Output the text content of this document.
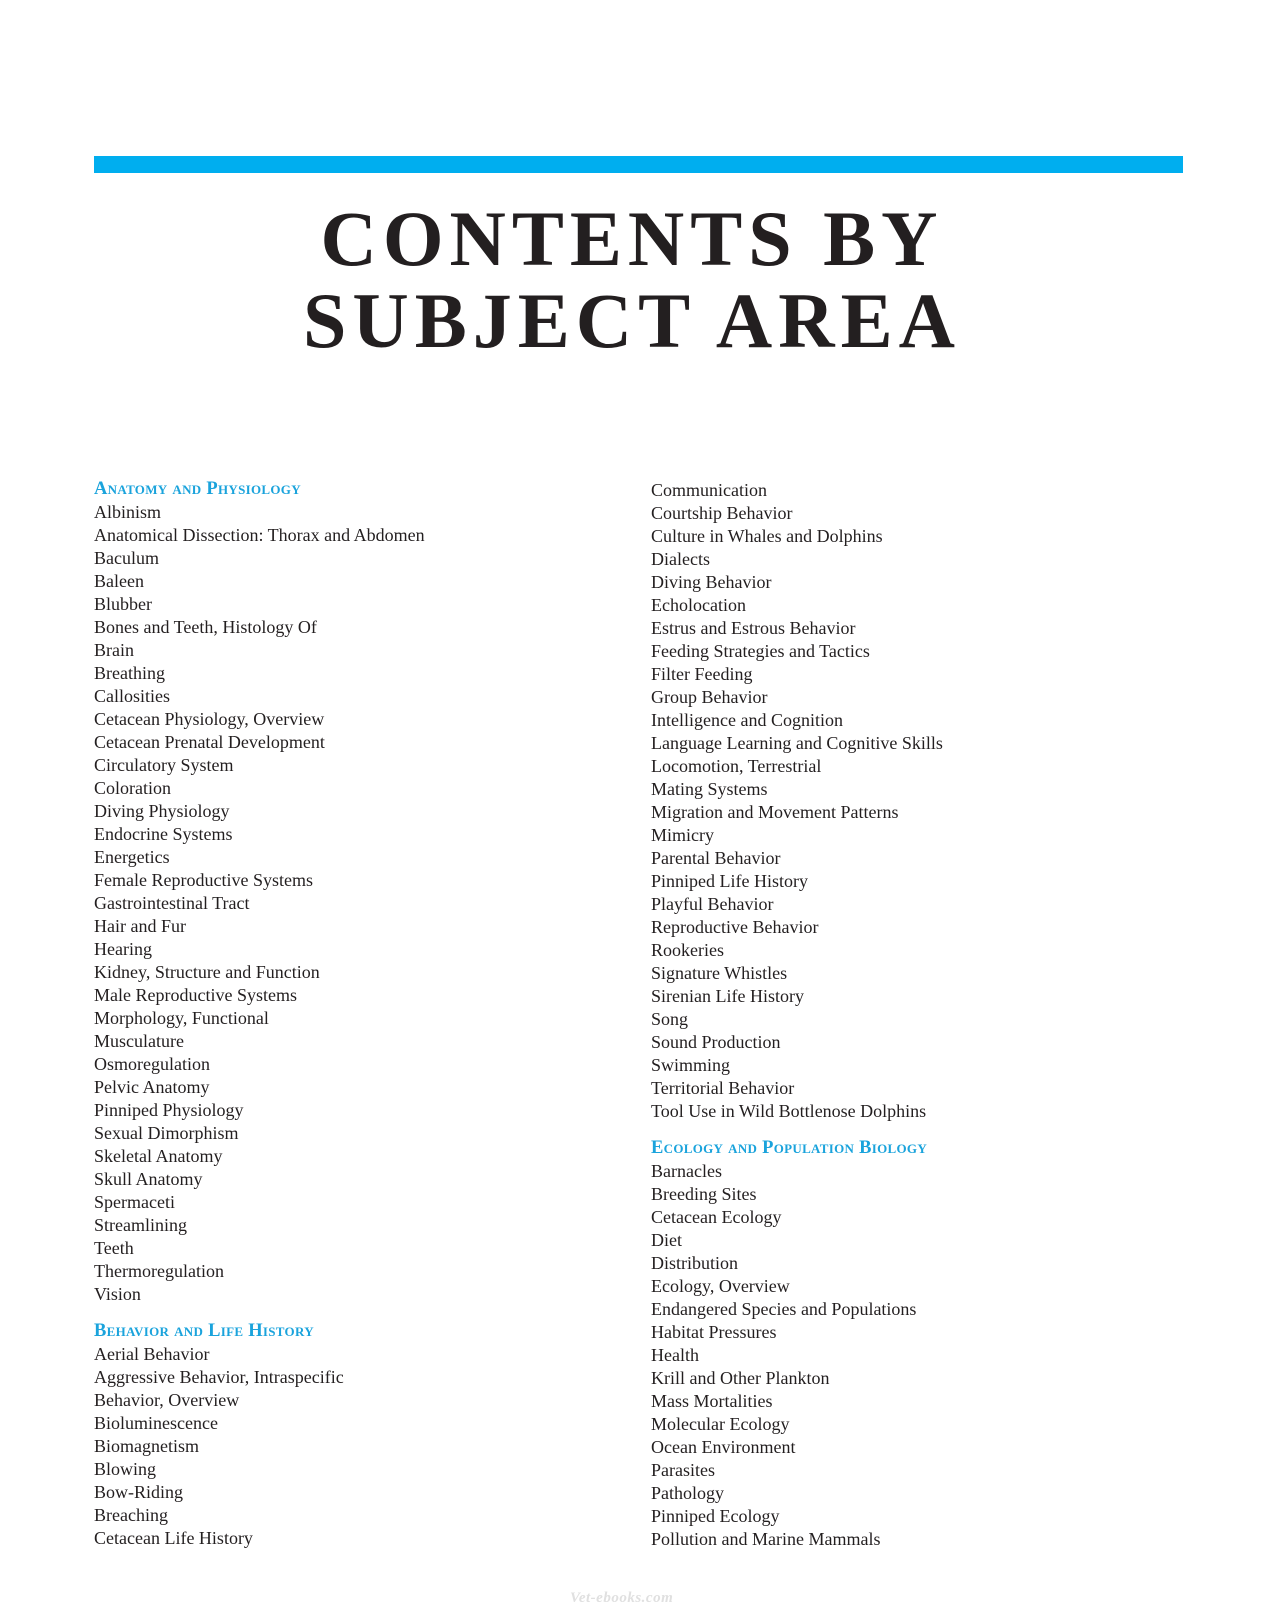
CONTENTS BY
SUBJECT AREA
Anatomy and Physiology
Albinism
Anatomical Dissection: Thorax and Abdomen
Baculum
Baleen
Blubber
Bones and Teeth, Histology Of
Brain
Breathing
Callosities
Cetacean Physiology, Overview
Cetacean Prenatal Development
Circulatory System
Coloration
Diving Physiology
Endocrine Systems
Energetics
Female Reproductive Systems
Gastrointestinal Tract
Hair and Fur
Hearing
Kidney, Structure and Function
Male Reproductive Systems
Morphology, Functional
Musculature
Osmoregulation
Pelvic Anatomy
Pinniped Physiology
Sexual Dimorphism
Skeletal Anatomy
Skull Anatomy
Spermaceti
Streamlining
Teeth
Thermoregulation
Vision
Behavior and Life History
Aerial Behavior
Aggressive Behavior, Intraspecific
Behavior, Overview
Bioluminescence
Biomagnetism
Blowing
Bow-Riding
Breaching
Cetacean Life History
Communication
Courtship Behavior
Culture in Whales and Dolphins
Dialects
Diving Behavior
Echolocation
Estrus and Estrous Behavior
Feeding Strategies and Tactics
Filter Feeding
Group Behavior
Intelligence and Cognition
Language Learning and Cognitive Skills
Locomotion, Terrestrial
Mating Systems
Migration and Movement Patterns
Mimicry
Parental Behavior
Pinniped Life History
Playful Behavior
Reproductive Behavior
Rookeries
Signature Whistles
Sirenian Life History
Song
Sound Production
Swimming
Territorial Behavior
Tool Use in Wild Bottlenose Dolphins
Ecology and Population Biology
Barnacles
Breeding Sites
Cetacean Ecology
Diet
Distribution
Ecology, Overview
Endangered Species and Populations
Habitat Pressures
Health
Krill and Other Plankton
Mass Mortalities
Molecular Ecology
Ocean Environment
Parasites
Pathology
Pinniped Ecology
Pollution and Marine Mammals
Vet-ebooks.com
